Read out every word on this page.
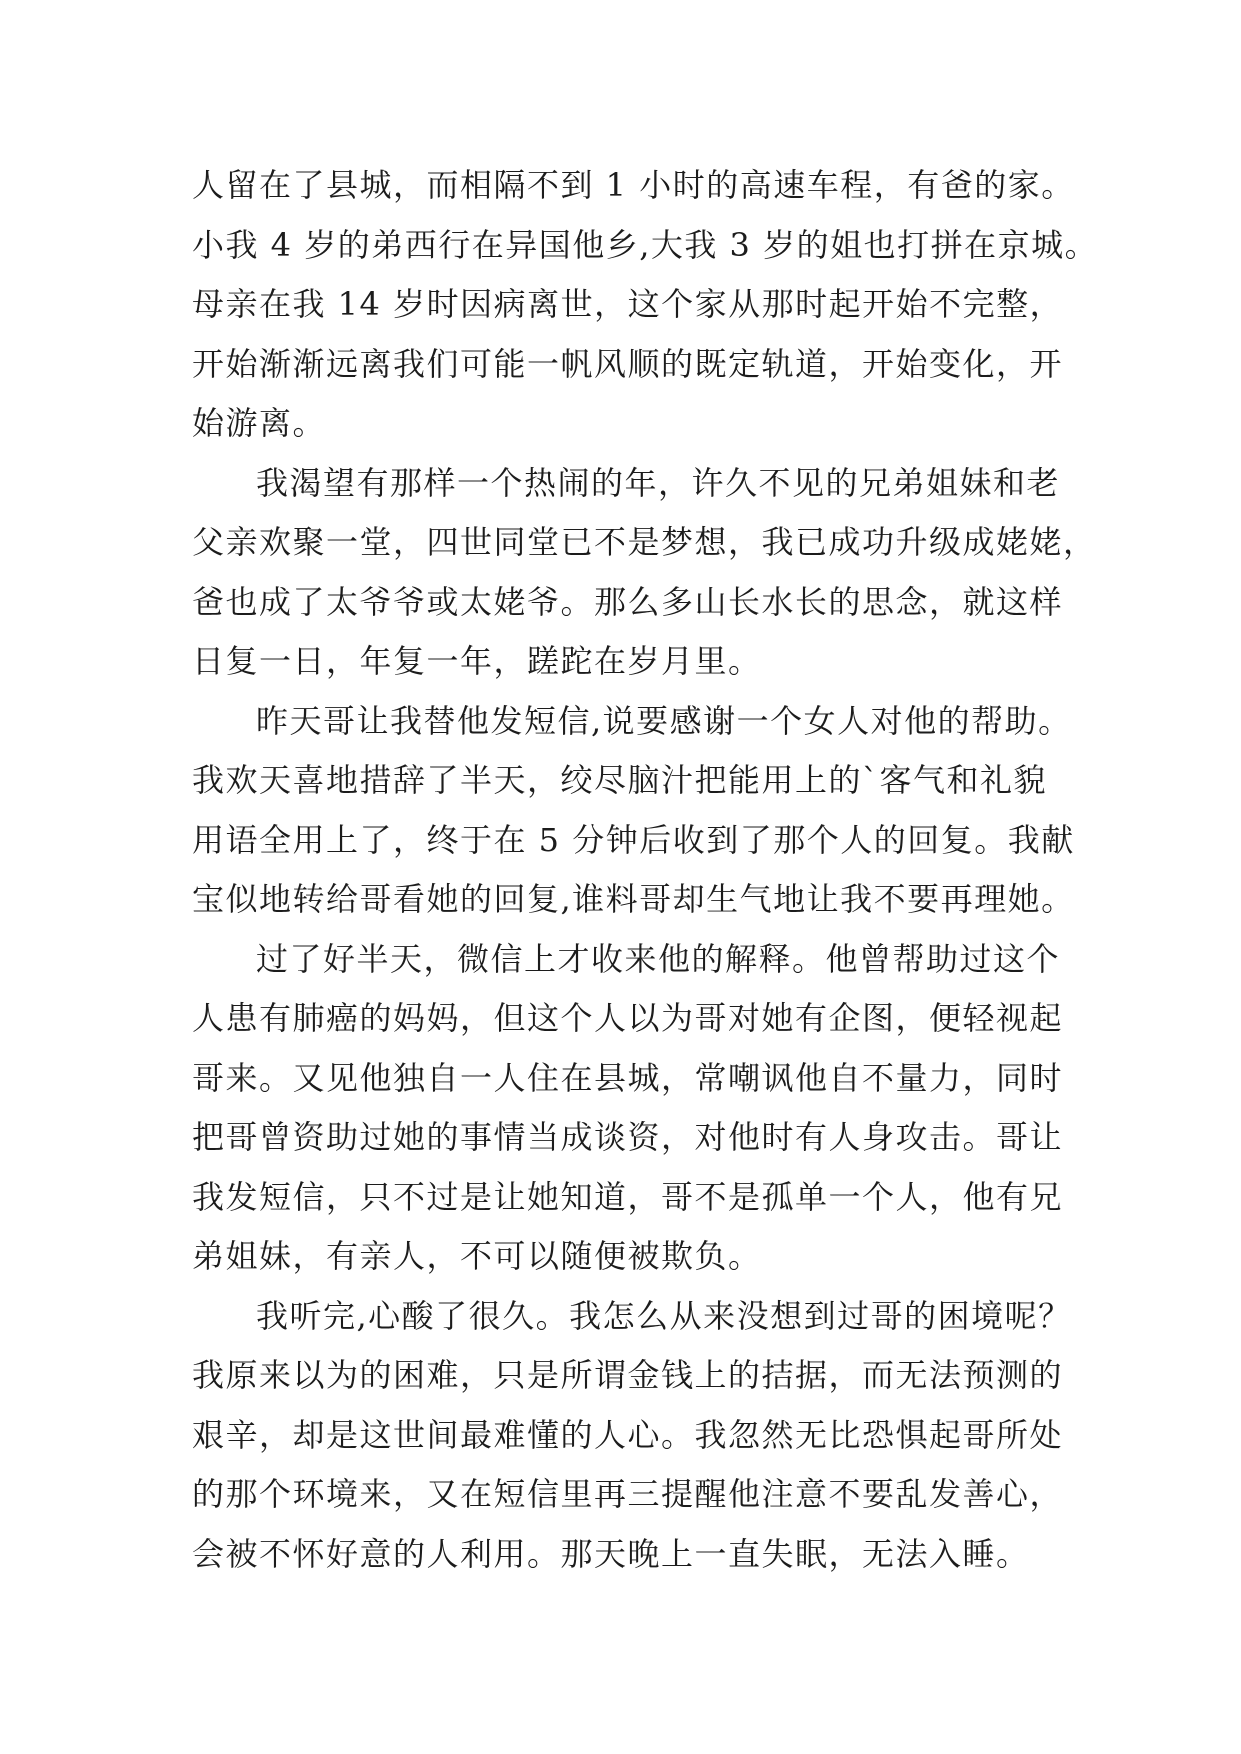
人留在了县城，而相隔不到 1 小时的高速车程，有爸的家。
小我 4 岁的弟西行在异国他乡,大我 3 岁的姐也打拼在京城。
母亲在我 14 岁时因病离世，这个家从那时起开始不完整，
开始渐渐远离我们可能一帆风顺的既定轨道，开始变化，开
始游离。
我渴望有那样一个热闹的年，许久不见的兄弟姐妹和老
父亲欢聚一堂，四世同堂已不是梦想，我已成功升级成姥姥，
爸也成了太爷爷或太姥爷。那么多山长水长的思念，就这样
日复一日，年复一年，蹉跎在岁月里。
昨天哥让我替他发短信,说要感谢一个女人对他的帮助。
我欢天喜地措辞了半天，绞尽脑汁把能用上的`客气和礼貌
用语全用上了，终于在 5 分钟后收到了那个人的回复。我献
宝似地转给哥看她的回复,谁料哥却生气地让我不要再理她。
过了好半天，微信上才收来他的解释。他曾帮助过这个
人患有肺癌的妈妈，但这个人以为哥对她有企图，便轻视起
哥来。又见他独自一人住在县城，常嘲讽他自不量力，同时
把哥曾资助过她的事情当成谈资，对他时有人身攻击。哥让
我发短信，只不过是让她知道，哥不是孤单一个人，他有兄
弟姐妹，有亲人，不可以随便被欺负。
我听完,心酸了很久。我怎么从来没想到过哥的困境呢？
我原来以为的困难，只是所谓金钱上的拮据，而无法预测的
艰辛，却是这世间最难懂的人心。我忽然无比恐惧起哥所处
的那个环境来，又在短信里再三提醒他注意不要乱发善心，
会被不怀好意的人利用。那天晚上一直失眠，无法入睡。
